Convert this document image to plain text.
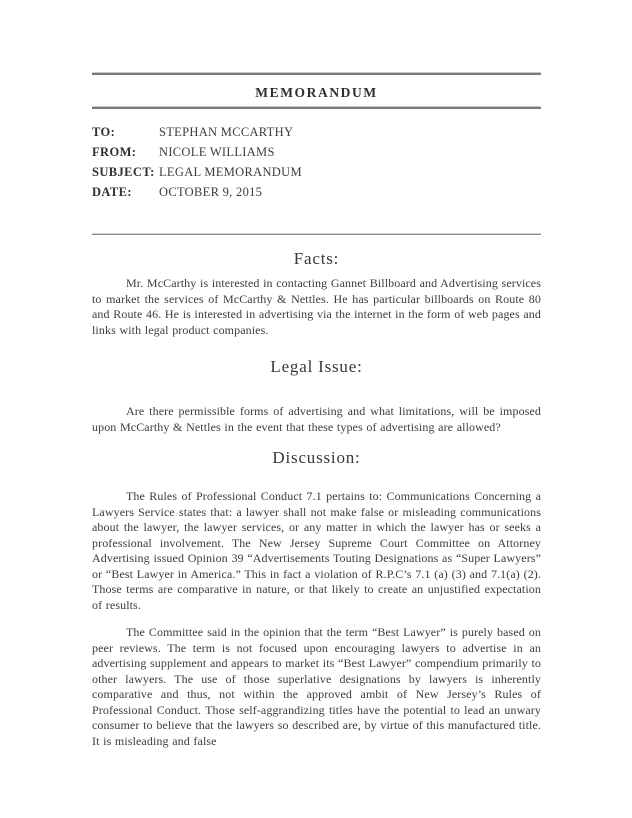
MEMORANDUM
TO:	STEPHAN MCCARTHY
FROM:	NICOLE WILLIAMS
SUBJECT: LEGAL MEMORANDUM
DATE:	OCTOBER 9, 2015
Facts:

Mr. McCarthy is interested in contacting Gannet Billboard and Advertising services to market the services of McCarthy & Nettles. He has particular billboards on Route 80 and Route 46. He is interested in advertising via the internet in the form of web pages and links with legal product companies.

Legal Issue:

Are there permissible forms of advertising and what limitations, will be imposed upon McCarthy & Nettles in the event that these types of advertising are allowed?

Discussion:

The Rules of Professional Conduct 7.1 pertains to: Communications Concerning a Lawyers Service states that: a lawyer shall not make false or misleading communications about the lawyer, the lawyer services, or any matter in which the lawyer has or seeks a professional involvement. The New Jersey Supreme Court Committee on Attorney Advertising issued Opinion 39 “Advertisements Touting Designations as “Super Lawyers” or “Best Lawyer in America.” This in fact a violation of R.P.C’s 7.1 (a) (3) and 7.1(a) (2). Those terms are comparative in nature, or that likely to create an unjustified expectation of results.

The Committee said in the opinion that the term “Best Lawyer” is purely based on peer reviews. The term is not focused upon encouraging lawyers to advertise in an advertising supplement and appears to market its “Best Lawyer” compendium primarily to other lawyers. The use of those superlative designations by lawyers is inherently comparative and thus, not within the approved ambit of New Jersey’s Rules of Professional Conduct. Those self-aggrandizing titles have the potential to lead an unwary consumer to believe that the lawyers so described are, by virtue of this manufactured title. It is misleading and false
